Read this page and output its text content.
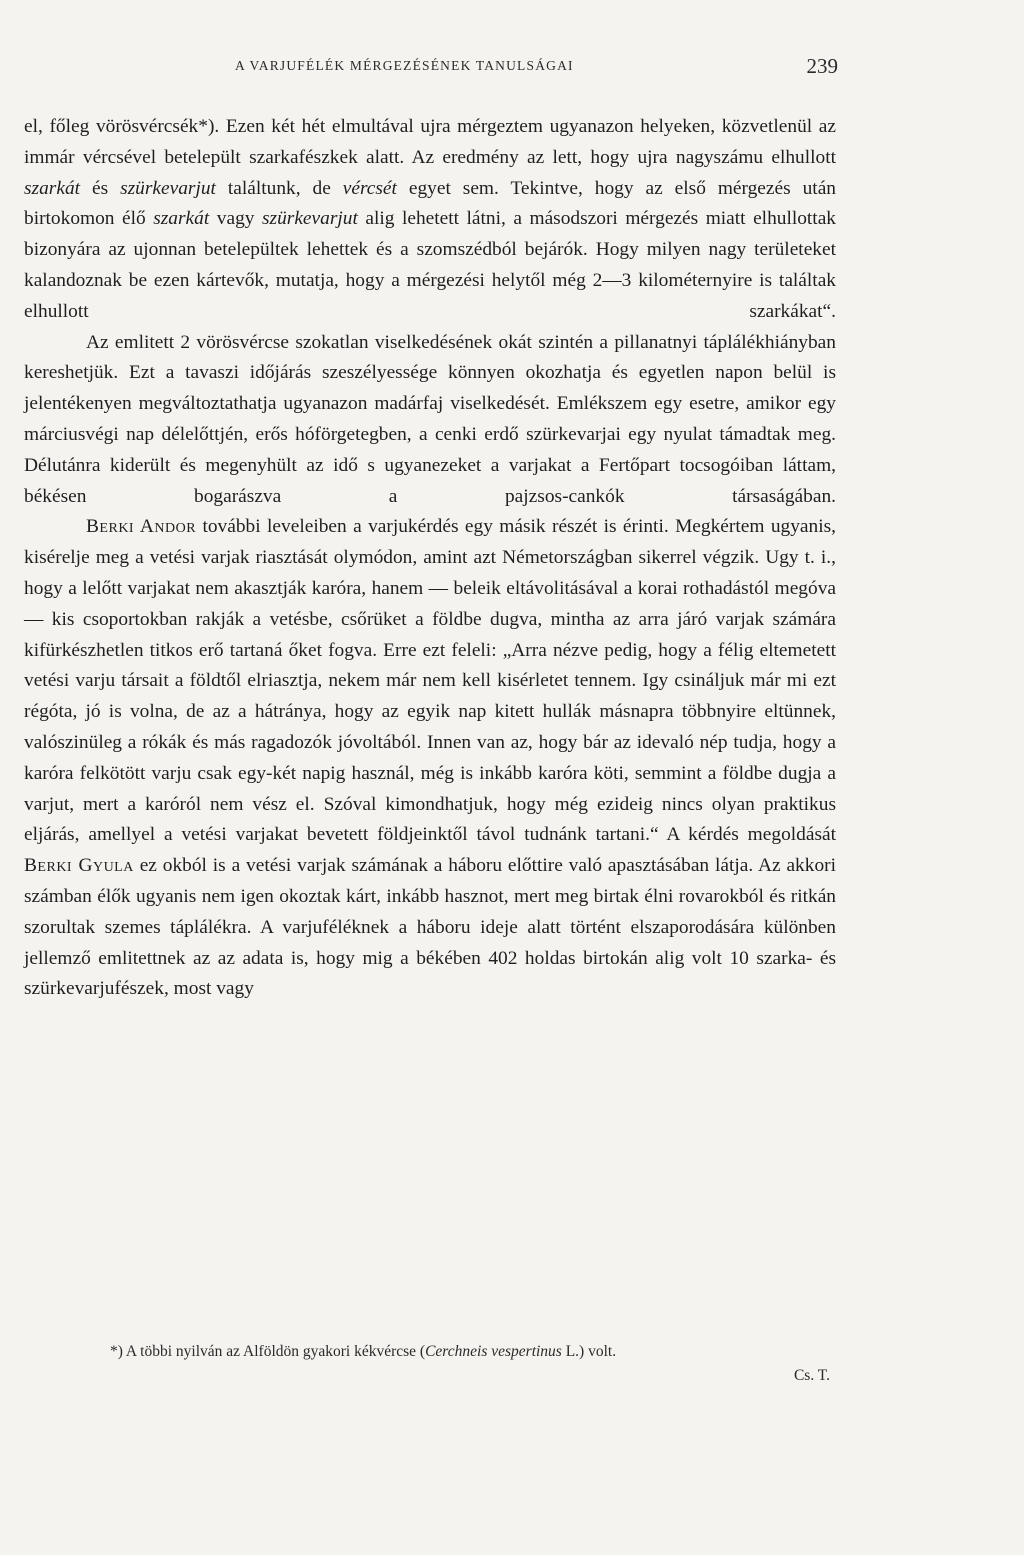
A VARJUFÉLÉK MÉRGEZÉSÉNEK TANULSÁGAI	239

el, főleg vörösvércsék*). Ezen két hét elmultával ujra mérgeztem ugyanazon helyeken, közvetlenül az immár vércsével betelepült szarkafészkek alatt. Az eredmény az lett, hogy ujra nagyszámu elhullott szarkát és szürkevarjut találtunk, de vércsét egyet sem. Tekintve, hogy az első mérgezés után birtokomon élő szarkát vagy szürkevarjut alig lehetett látni, a másodszori mérgezés miatt elhullottak bizonyára az ujonnan betelepültek lehettek és a szomszédból bejárók. Hogy milyen nagy területeket kalandoznak be ezen kártevők, mutatja, hogy a mérgezési helytől még 2—3 kilométernyire is találtak elhullott szarkákat“.

Az emlitett 2 vörösvércse szokatlan viselkedésének okát szintén a pillanatnyi táplálékhiányban kereshetjük. Ezt a tavaszi időjárás szeszélyessége könnyen okozhatja és egyetlen napon belül is jelentékenyen megváltoztathatja ugyanazon madárfaj viselkedését. Emlékszem egy esetre, amikor egy márciusvégi nap délelőttjén, erős hóförgetegben, a cenki erdő szürkevarjai egy nyulat támadtak meg. Délutánra kiderült és megenyhült az idő s ugyanezeket a varjakat a Fertőpart tocsogóiban láttam, békésen bogarászva a pajzsos-cankók társaságában.

Berki Andor további leveleiben a varjukérdés egy másik részét is érinti. Megkértem ugyanis, kisérelje meg a vetési varjak riasztását olymódon, amint azt Németországban sikerrel végzik. Ugy t. i., hogy a lelőtt varjakat nem akasztják karóra, hanem — beleik eltávolitásával a korai rothadástól megóva — kis csoportokban rakják a vetésbe, csőrüket a földbe dugva, mintha az arra járó varjak számára kifürkészhetlen titkos erő tartaná őket fogva. Erre ezt feleli: „Arra nézve pedig, hogy a félig eltemetett vetési varju társait a földtől elriasztja, nekem már nem kell kisérletet tennem. Igy csináljuk már mi ezt régóta, jó is volna, de az a hátránya, hogy az egyik nap kitett hullák másnapra többnyire eltünnek, valószinüleg a rókák és más ragadozók jóvoltából. Innen van az, hogy bár az idevaló nép tudja, hogy a karóra felkötött varju csak egy-két napig használ, még is inkább karóra köti, semmint a földbe dugja a varjut, mert a karóról nem vész el. Szóval kimondhatjuk, hogy még ezideig nincs olyan praktikus eljárás, amellyel a vetési varjakat bevetett földjeinktől távol tudnánk tartani.“ A kérdés megoldását Berki Gyula ez okból is a vetési varjak számának a háboru előttire való apasztásában látja. Az akkori számban élők ugyanis nem igen okoztak kárt, inkább hasznot, mert meg birtak élni rovarokból és ritkán szorultak szemes táplálékra. A varjuféléknek a háboru ideje alatt történt elszaporodására különben jellemző emlitettnek az az adata is, hogy mig a békében 402 holdas birtokán alig volt 10 szarka- és szürkevarjufészek, most vagy

*) A többi nyilván az Alföldön gyakori kékvércse (Cerchneis vespertinus L.) volt.
Cs. T.
